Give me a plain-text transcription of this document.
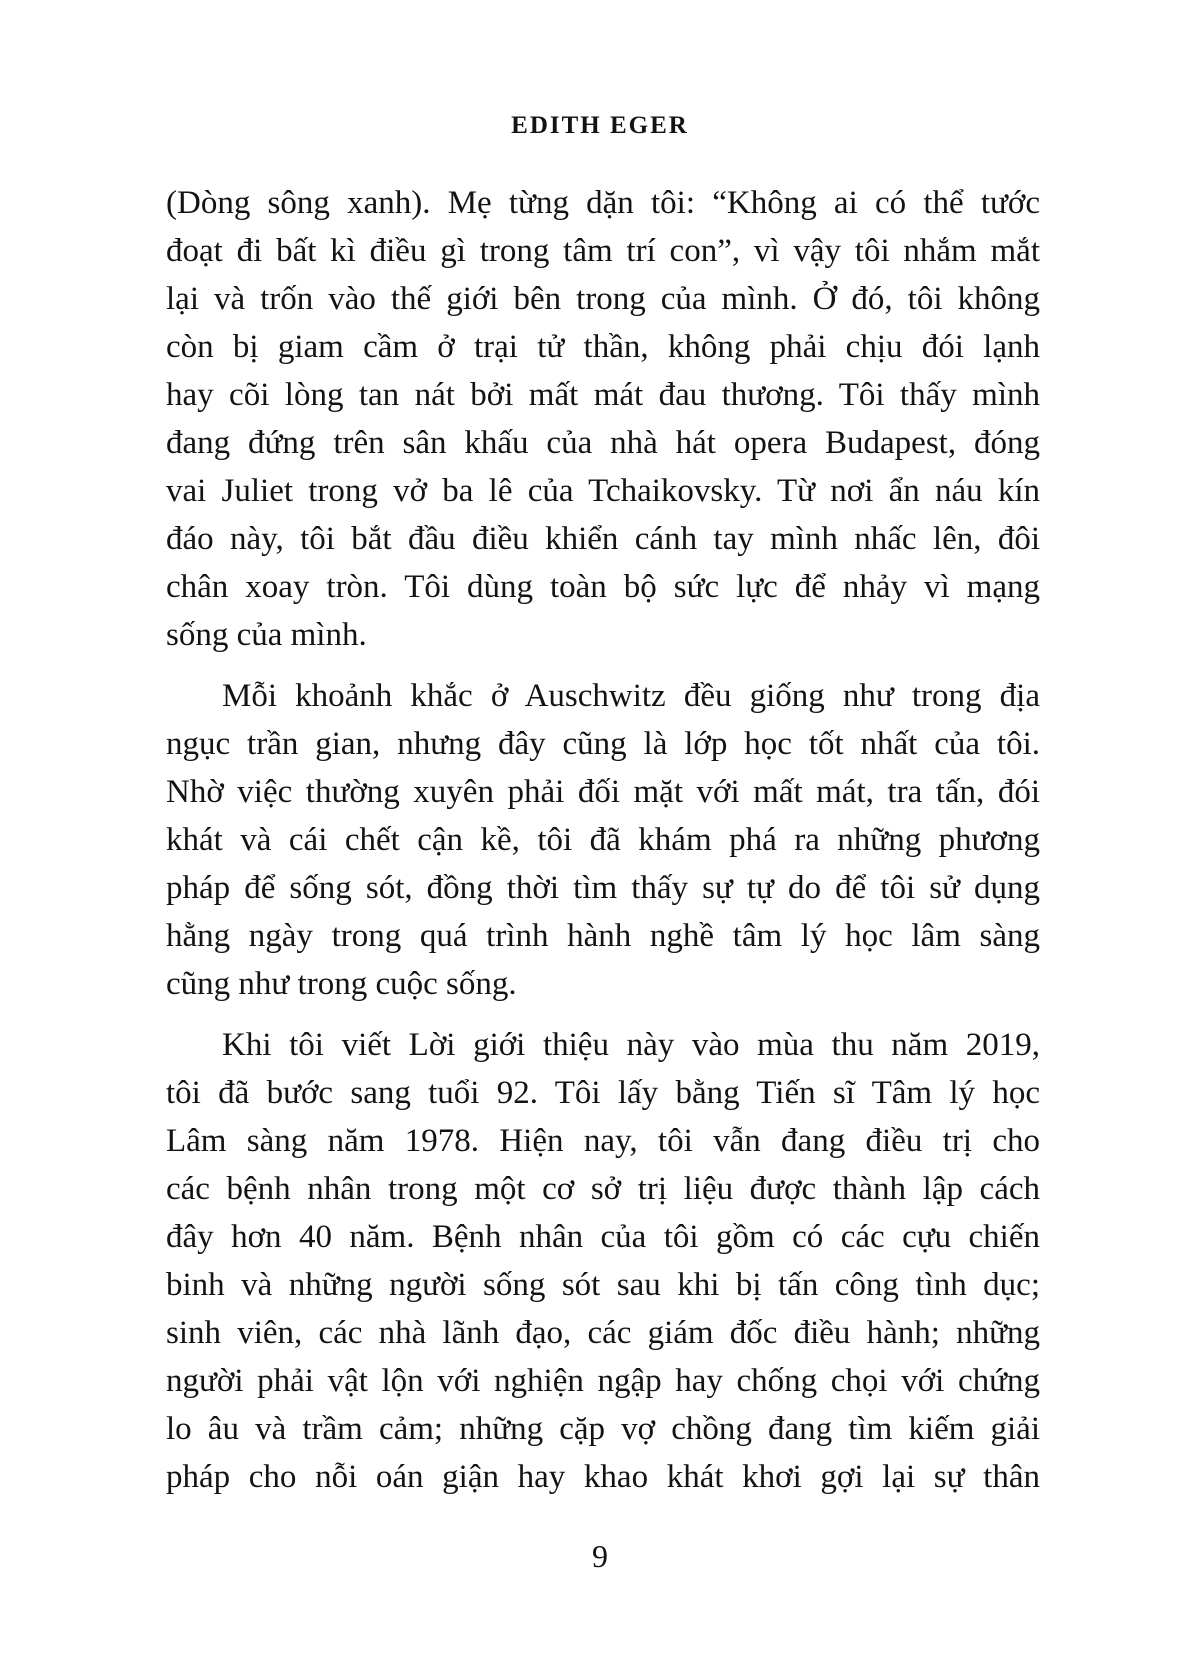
EDITH EGER
(Dòng sông xanh). Mẹ từng dặn tôi: “Không ai có thể tước
đoạt đi bất kì điều gì trong tâm trí con”, vì vậy tôi nhắm mắt
lại và trốn vào thế giới bên trong của mình. Ở đó, tôi không
còn bị giam cầm ở trại tử thần, không phải chịu đói lạnh
hay cõi lòng tan nát bởi mất mát đau thương. Tôi thấy mình
đang đứng trên sân khấu của nhà hát opera Budapest, đóng
vai Juliet trong vở ba lê của Tchaikovsky. Từ nơi ẩn náu kín
đáo này, tôi bắt đầu điều khiển cánh tay mình nhấc lên, đôi
chân xoay tròn. Tôi dùng toàn bộ sức lực để nhảy vì mạng
sống của mình.
Mỗi khoảnh khắc ở Auschwitz đều giống như trong địa
ngục trần gian, nhưng đây cũng là lớp học tốt nhất của tôi.
Nhờ việc thường xuyên phải đối mặt với mất mát, tra tấn, đói
khát và cái chết cận kề, tôi đã khám phá ra những phương
pháp để sống sót, đồng thời tìm thấy sự tự do để tôi sử dụng
hằng ngày trong quá trình hành nghề tâm lý học lâm sàng
cũng như trong cuộc sống.
Khi tôi viết Lời giới thiệu này vào mùa thu năm 2019,
tôi đã bước sang tuổi 92. Tôi lấy bằng Tiến sĩ Tâm lý học
Lâm sàng năm 1978. Hiện nay, tôi vẫn đang điều trị cho
các bệnh nhân trong một cơ sở trị liệu được thành lập cách
đây hơn 40 năm. Bệnh nhân của tôi gồm có các cựu chiến
binh và những người sống sót sau khi bị tấn công tình dục;
sinh viên, các nhà lãnh đạo, các giám đốc điều hành; những
người phải vật lộn với nghiện ngập hay chống chọi với chứng
lo âu và trầm cảm; những cặp vợ chồng đang tìm kiếm giải
pháp cho nỗi oán giận hay khao khát khơi gợi lại sự thân
9
